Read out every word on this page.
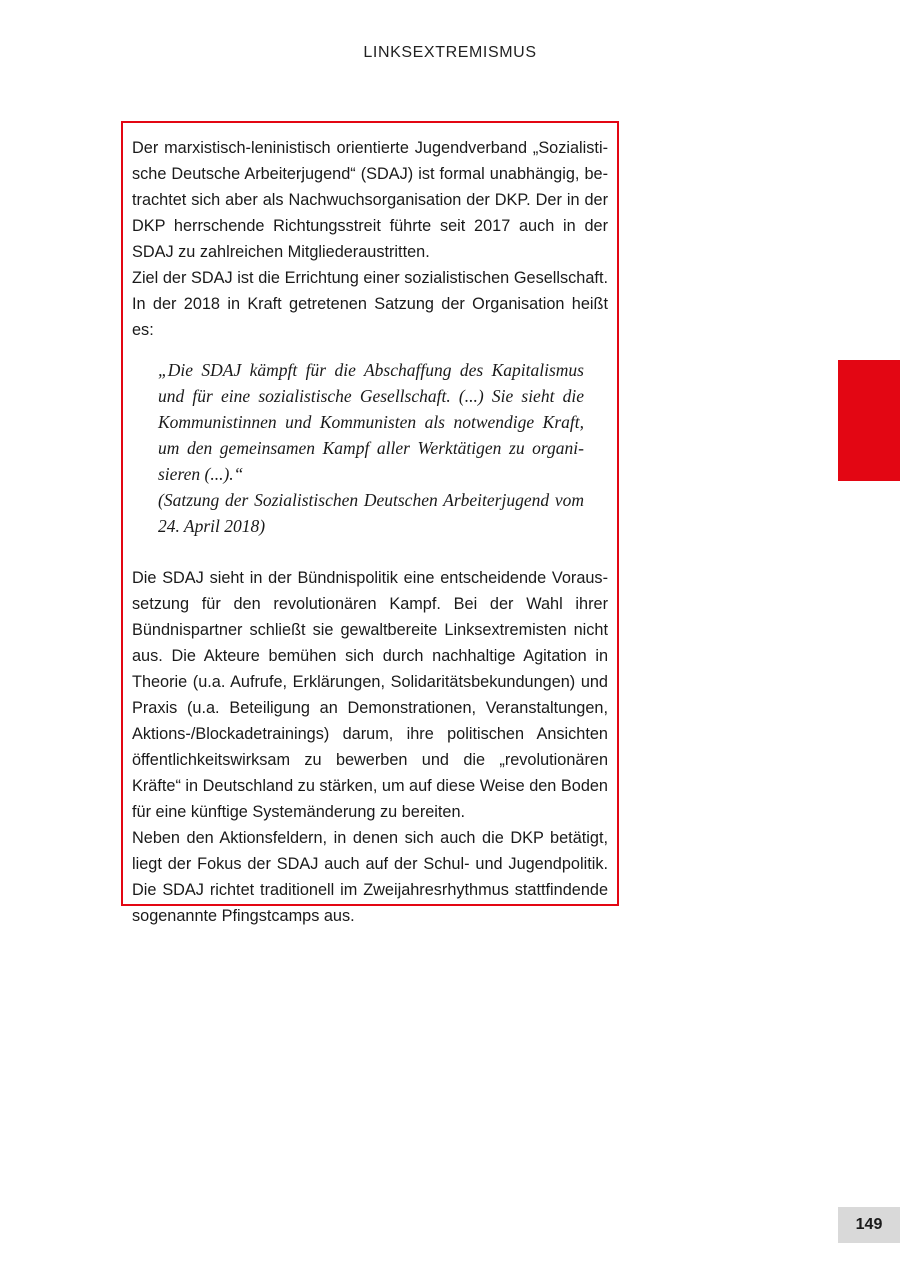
LINKSEXTREMISMUS

Der marxistisch-leninistisch orientierte Jugendverband „Sozialistische Deutsche Arbeiterjugend“ (SDAJ) ist formal unabhängig, betrachtet sich aber als Nachwuchsorganisation der DKP. Der in der DKP herrschende Richtungsstreit führte seit 2017 auch in der SDAJ zu zahlreichen Mitgliederaustritten.

Ziel der SDAJ ist die Errichtung einer sozialistischen Gesellschaft. In der 2018 in Kraft getretenen Satzung der Organisation heißt es:

„Die SDAJ kämpft für die Abschaffung des Kapitalismus und für eine sozialistische Gesellschaft. (...) Sie sieht die Kommunistinnen und Kommunisten als notwendige Kraft, um den gemeinsamen Kampf aller Werktätigen zu organisieren (...).“

(Satzung der Sozialistischen Deutschen Arbeiterjugend vom 24. April 2018)

Die SDAJ sieht in der Bündnispolitik eine entscheidende Voraussetzung für den revolutionären Kampf. Bei der Wahl ihrer Bündnispartner schließt sie gewaltbereite Linksextremisten nicht aus. Die Akteure bemühen sich durch nachhaltige Agitation in Theorie (u.a. Aufrufe, Erklärungen, Solidaritätsbekundungen) und Praxis (u.a. Beteiligung an Demonstrationen, Veranstaltungen, Aktions-/Blockadetrainings) darum, ihre politischen Ansichten öffentlichkeitswirksam zu bewerben und die „revolutionären Kräfte“ in Deutschland zu stärken, um auf diese Weise den Boden für eine künftige Systemänderung zu bereiten.

Neben den Aktionsfeldern, in denen sich auch die DKP betätigt, liegt der Fokus der SDAJ auch auf der Schul- und Jugendpolitik. Die SDAJ richtet traditionell im Zweijahresrhythmus stattfindende sogenannte Pfingstcamps aus.

149
